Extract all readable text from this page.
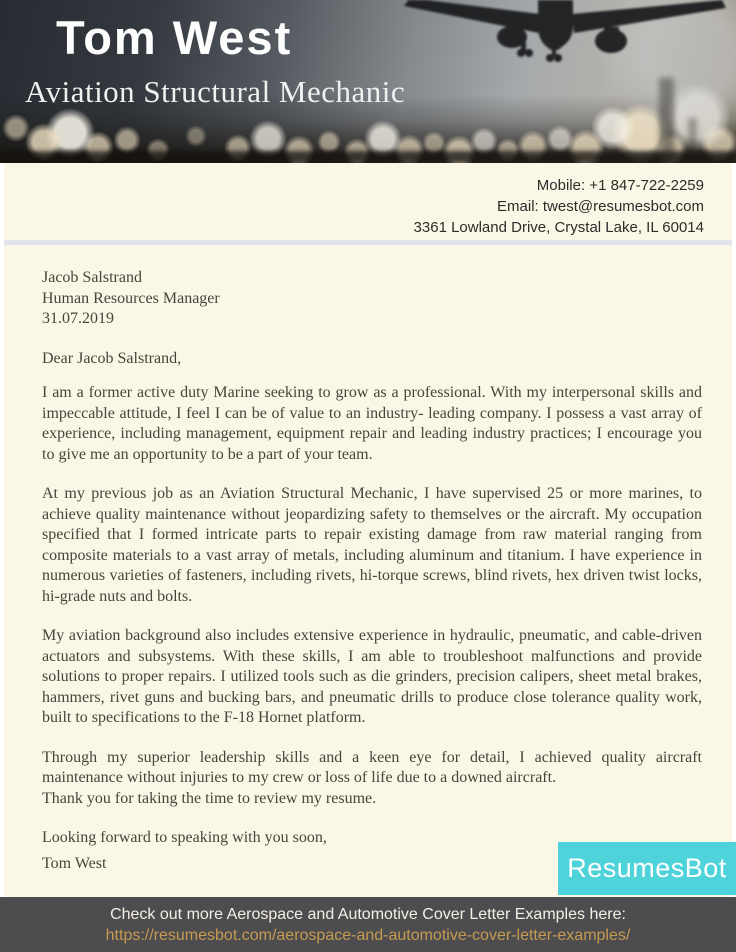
Tom West
Aviation Structural Mechanic
Mobile: +1 847-722-2259
Email: twest@resumesbot.com
3361 Lowland Drive, Crystal Lake, IL 60014
Jacob Salstrand
Human Resources Manager
31.07.2019

Dear Jacob Salstrand,

I am a former active duty Marine seeking to grow as a professional. With my interpersonal skills and impeccable attitude, I feel I can be of value to an industry- leading company. I possess a vast array of experience, including management, equipment repair and leading industry practices; I encourage you to give me an opportunity to be a part of your team.

At my previous job as an Aviation Structural Mechanic, I have supervised 25 or more marines, to achieve quality maintenance without jeopardizing safety to themselves or the aircraft. My occupation specified that I formed intricate parts to repair existing damage from raw material ranging from composite materials to a vast array of metals, including aluminum and titanium. I have experience in numerous varieties of fasteners, including rivets, hi-torque screws, blind rivets, hex driven twist locks, hi-grade nuts and bolts.

My aviation background also includes extensive experience in hydraulic, pneumatic, and cable-driven actuators and subsystems. With these skills, I am able to troubleshoot malfunctions and provide solutions to proper repairs. I utilized tools such as die grinders, precision calipers, sheet metal brakes, hammers, rivet guns and bucking bars, and pneumatic drills to produce close tolerance quality work, built to specifications to the F-18 Hornet platform.

Through my superior leadership skills and a keen eye for detail, I achieved quality aircraft maintenance without injuries to my crew or loss of life due to a downed aircraft.
Thank you for taking the time to review my resume.

Looking forward to speaking with you soon,

Tom West	ResumesBot
Check out more Aerospace and Automotive Cover Letter Examples here:
https://resumesbot.com/aerospace-and-automotive-cover-letter-examples/
